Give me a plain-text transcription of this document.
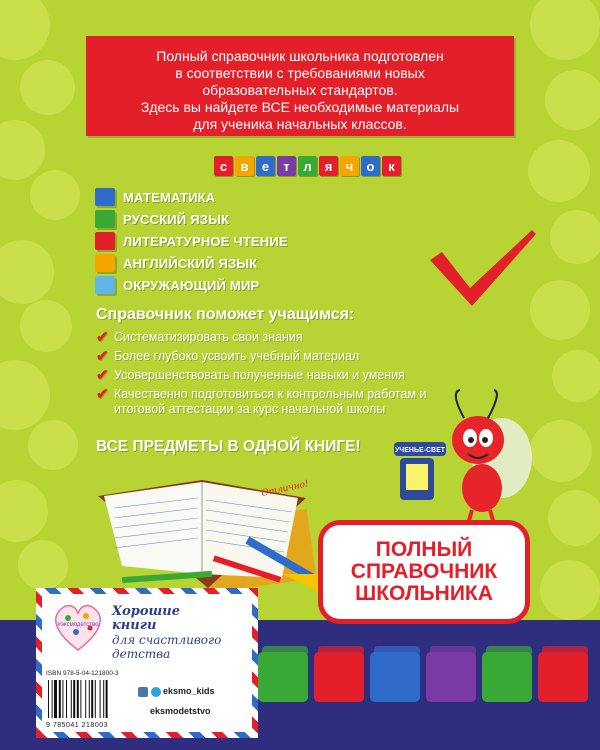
Полный справочник школьника подготовлен
в соответствии с требованиями новых
образовательных стандартов.
Здесь вы найдете ВСЕ необходимые материалы
для ученика начальных классов.
с	в	е	т	л	я	ч	о	к
МАТЕМАТИКА
РУССКИЙ ЯЗЫК
ЛИТЕРАТУРНОЕ ЧТЕНИЕ
АНГЛИЙСКИЙ ЯЗЫК
ОКРУЖАЮЩИЙ МИР
Справочник поможет учащимся:
✔ Систематизировать свои знания
✔ Более глубоко усвоить учебный материал
✔ Усовершенствовать полученные навыки и умения
✔ Качественно подготовиться к контрольным работам и итоговой аттестации за курс начальной школы
ВСЕ ПРЕДМЕТЫ В ОДНОЙ КНИГЕ!	УЧЕНЬЕ-СВЕТ
Отлично!
ПОЛНЫЙ
СПРАВОЧНИК
ШКОЛЬНИКА
#эксмодетство
Хорошие
книги
для счастливого
детства
ISBN 978-5-04-121800-3
9 785041 218003
eksmo_kids
eksmodetstvo
